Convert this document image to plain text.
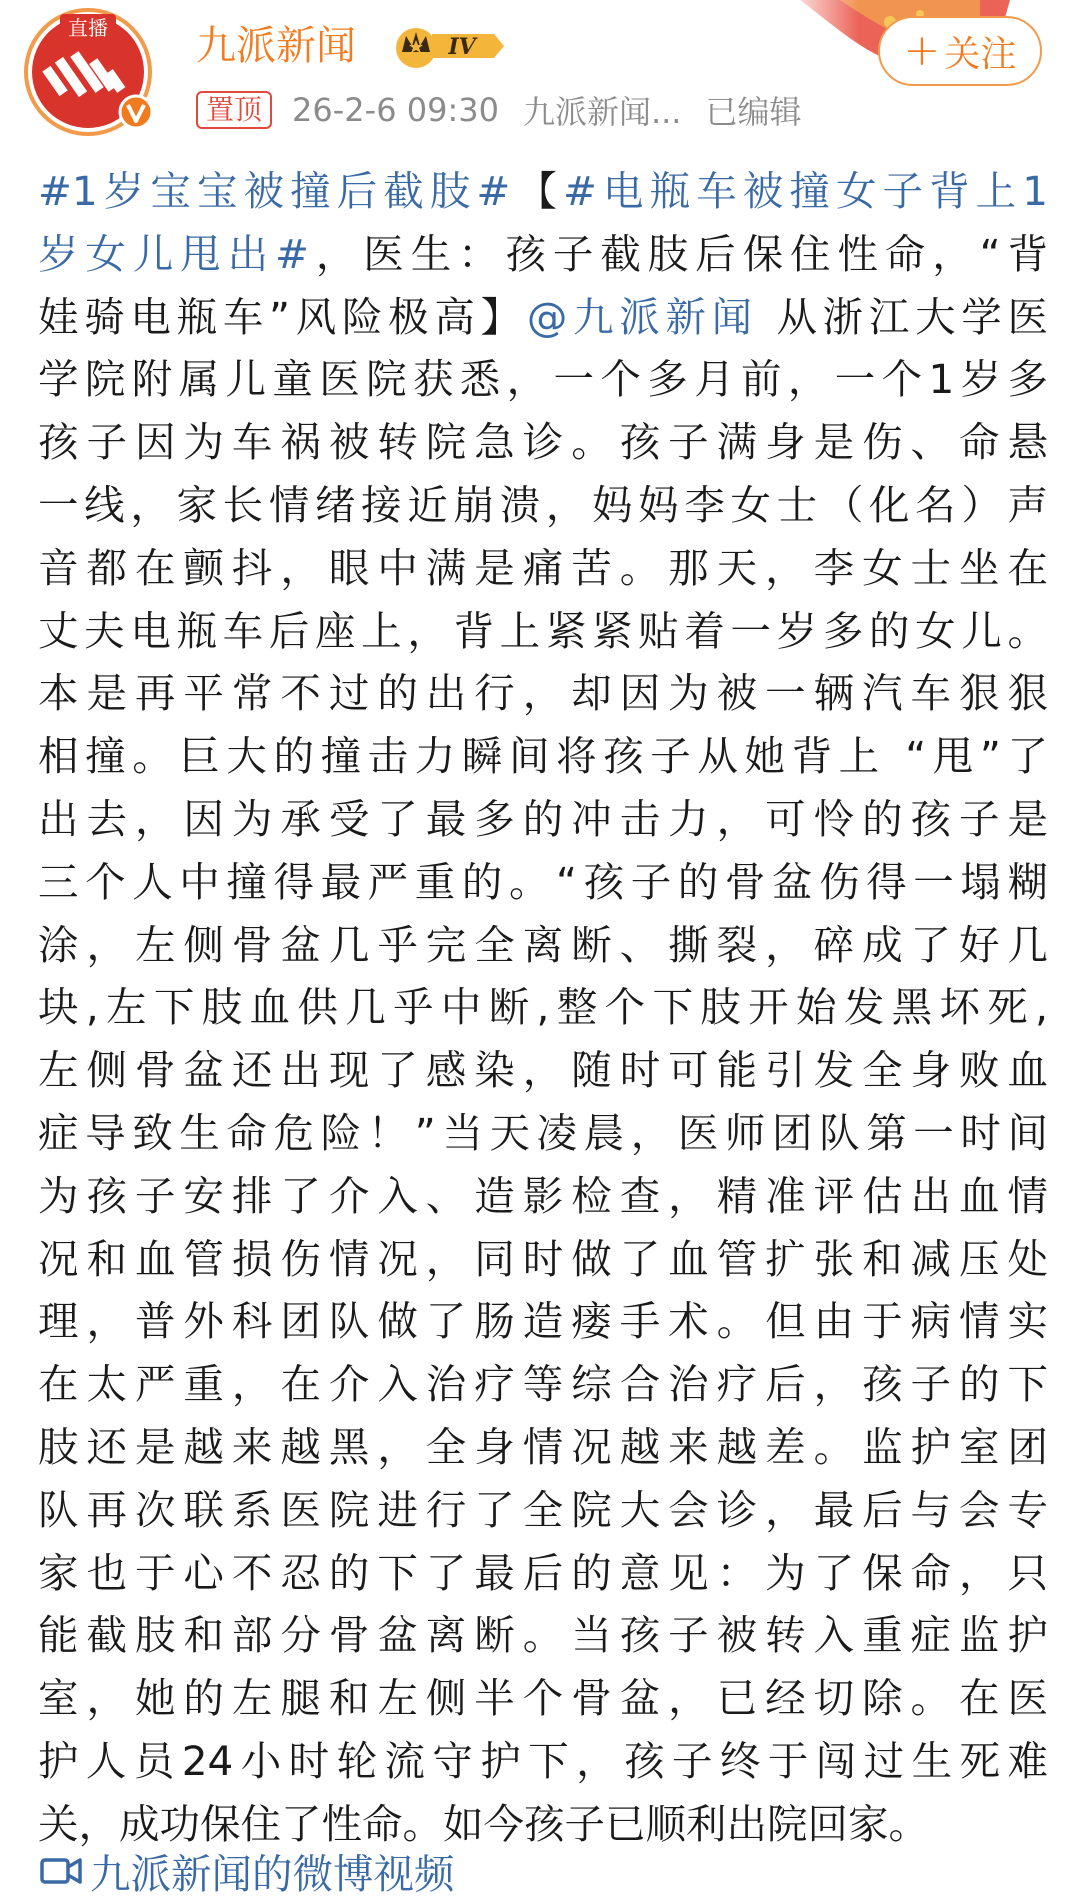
直播 九派新闻	IV
置顶 26-2-6 09:30 九派新闻... 已编辑
+ 关注
#1岁宝宝被撞后截肢#【#电瓶车被撞女子背上1
岁女儿甩出#，医生：孩子截肢后保住性命，“背
娃骑电瓶车”风险极高】@九派新闻 从浙江大学医
学院附属儿童医院获悉，一个多月前，一个1岁多
孩子因为车祸被转院急诊。孩子满身是伤、命悬
一线，家长情绪接近崩溃，妈妈李女士（化名）声
音都在颤抖，眼中满是痛苦。那天，李女士坐在
丈夫电瓶车后座上，背上紧紧贴着一岁多的女儿。
本是再平常不过的出行，却因为被一辆汽车狠狠
相撞。巨大的撞击力瞬间将孩子从她背上 “甩”了
出去，因为承受了最多的冲击力，可怜的孩子是
三个人中撞得最严重的。“孩子的骨盆伤得一塌糊
涂，左侧骨盆几乎完全离断、撕裂，碎成了好几
块,左下肢血供几乎中断,整个下肢开始发黑坏死,
左侧骨盆还出现了感染，随时可能引发全身败血
症导致生命危险！”当天凌晨，医师团队第一时间
为孩子安排了介入、造影检查，精准评估出血情
况和血管损伤情况，同时做了血管扩张和减压处
理，普外科团队做了肠造瘘手术。但由于病情实
在太严重，在介入治疗等综合治疗后，孩子的下
肢还是越来越黑，全身情况越来越差。监护室团
队再次联系医院进行了全院大会诊，最后与会专
家也于心不忍的下了最后的意见：为了保命，只
能截肢和部分骨盆离断。当孩子被转入重症监护
室，她的左腿和左侧半个骨盆，已经切除。在医
护人员24小时轮流守护下，孩子终于闯过生死难
关，成功保住了性命。如今孩子已顺利出院回家。
九派新闻的微博视频
